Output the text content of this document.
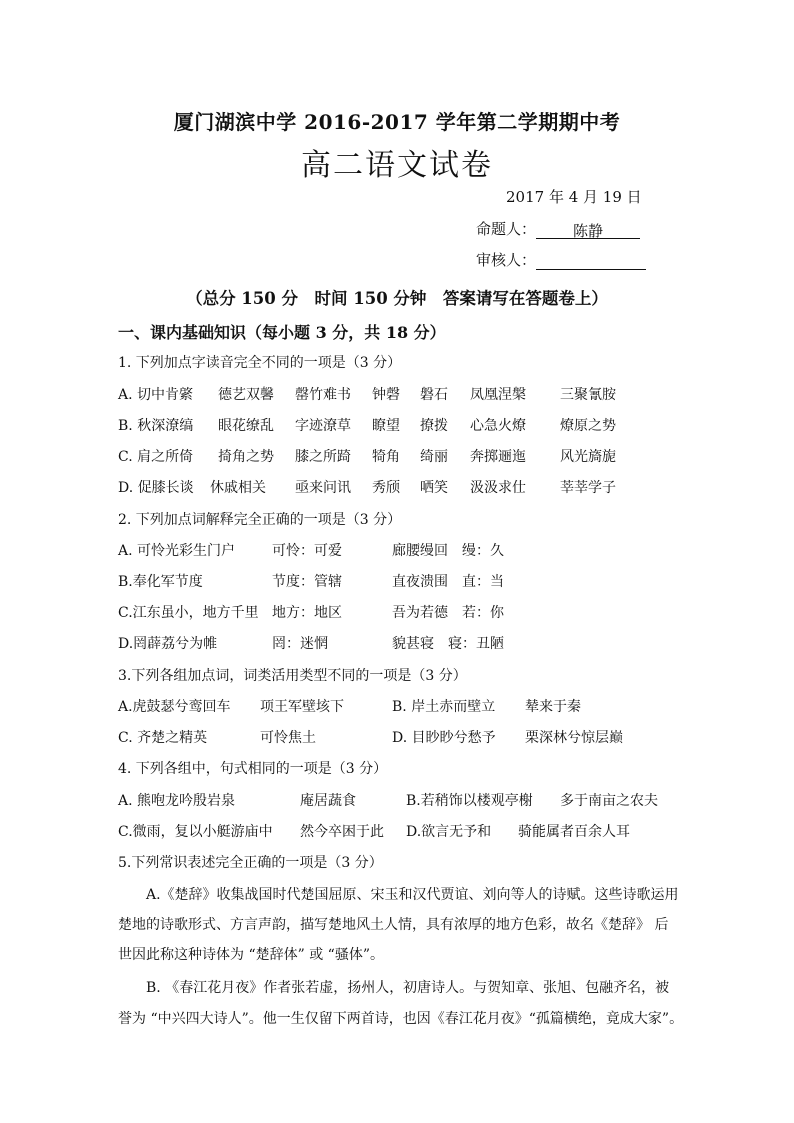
厦门湖滨中学 2016-2017 学年第二学期期中考
高二语文试卷
2017 年 4 月 19 日
命题人： 陈静
审核人：
（总分 150 分　时间 150 分钟　答案请写在答题卷上）
一、课内基础知识（每小题 3 分，共 18 分）
1. 下列加点字读音完全不同的一项是（3 分）
A. 切中肯綮 德艺双馨 罄竹难书 钟磬 磐石 凤凰涅槃 三聚氰胺
B. 秋深潦缟 眼花缭乱 字迹潦草 瞭望 撩拨 心急火燎 燎原之势
C. 肩之所倚 掎角之势 膝之所踦 犄角 绮丽 奔掷逦迤 风光旖旎
D. 促膝长谈 休戚相关 亟来问讯 秀颀 哂笑 汲汲求仕 莘莘学子
2. 下列加点词解释完全正确的一项是（3 分）
A. 可怜光彩生门户	可怜：可爱	廊腰缦回　缦：久
B.奉化军节度	节度：管辖	直夜溃围　直：当
C.江东虽小，地方千里 地方：地区	吾为若德　若：你
D.罔薜荔兮为帷	罔：迷惘	貌甚寝　寝：丑陋
3.下列各组加点词，词类活用类型不同的一项是（3 分）
A.虎鼓瑟兮鸾回车 项王军壁垓下	B. 岸土赤而壁立 辇来于秦
C. 齐楚之精英	可怜焦土	D. 目眇眇兮愁予 栗深林兮惊层巅
4. 下列各组中，句式相同的一项是（3 分）
A. 熊咆龙吟殷岩泉	庵居蔬食	B.若稍饰以楼观亭榭 多于南亩之农夫
C.微雨，复以小艇游庙中 然今卒困于此 D.欲言无予和 骑能属者百余人耳
5.下列常识表述完全正确的一项是（3 分）
A.《楚辞》收集战国时代楚国屈原、宋玉和汉代贾谊、刘向等人的诗赋。这些诗歌运用
楚地的诗歌形式、方言声韵，描写楚地风土人情，具有浓厚的地方色彩，故名《楚辞》 后
世因此称这种诗体为 “楚辞体” 或 “骚体”。
B. 《春江花月夜》作者张若虚，扬州人，初唐诗人。与贺知章、张旭、包融齐名，被
誉为 “中兴四大诗人”。他一生仅留下两首诗，也因《春江花月夜》“孤篇横绝，竟成大家”。
